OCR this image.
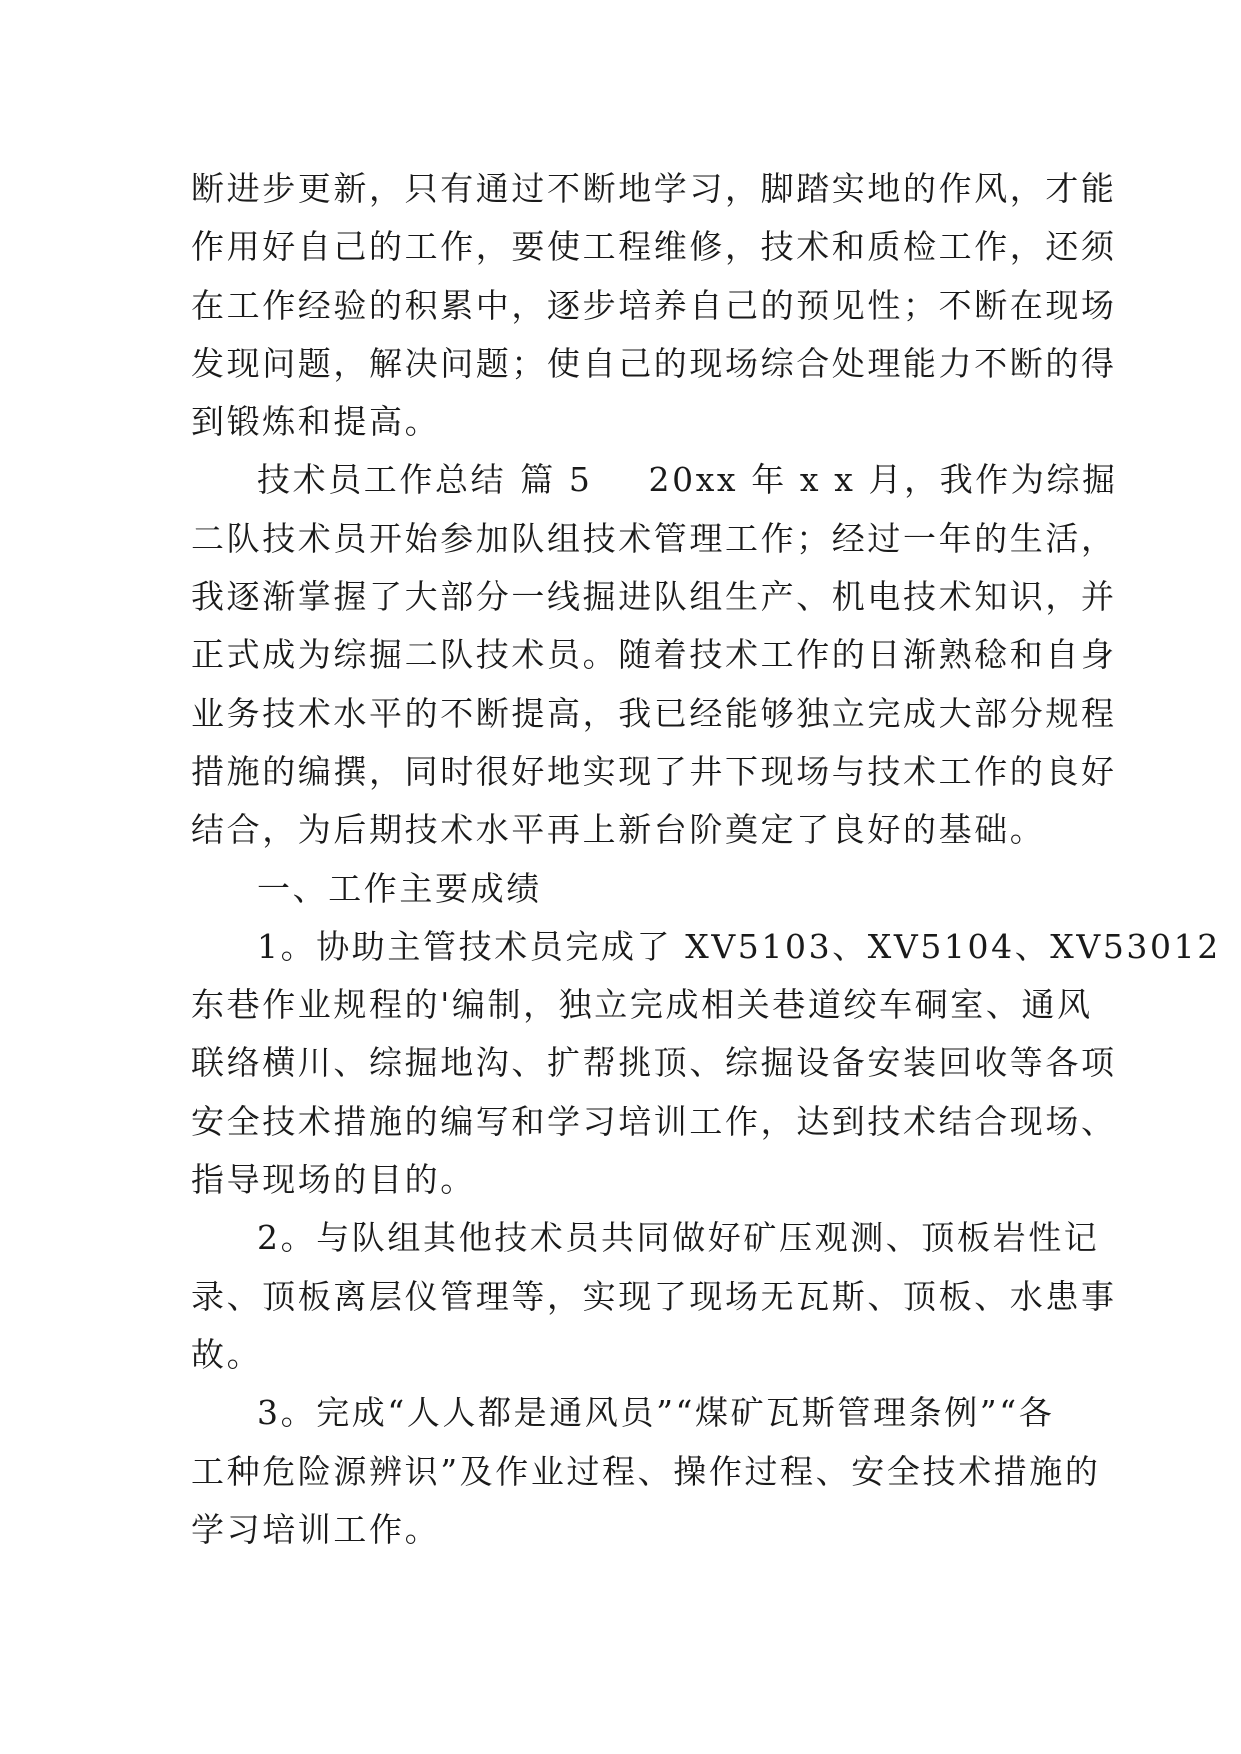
断进步更新，只有通过不断地学习，脚踏实地的作风，才能
作用好自己的工作，要使工程维修，技术和质检工作，还须
在工作经验的积累中，逐步培养自己的预见性；不断在现场
发现问题，解决问题；使自己的现场综合处理能力不断的得
到锻炼和提高。
技术员工作总结 篇 5 20xx 年 x x 月，我作为综掘
二队技术员开始参加队组技术管理工作；经过一年的生活，
我逐渐掌握了大部分一线掘进队组生产、机电技术知识，并
正式成为综掘二队技术员。随着技术工作的日渐熟稔和自身
业务技术水平的不断提高，我已经能够独立完成大部分规程
措施的编撰，同时很好地实现了井下现场与技术工作的良好
结合，为后期技术水平再上新台阶奠定了良好的基础。
一、工作主要成绩
1。协助主管技术员完成了 XV5103、XV5104、XV53012
东巷作业规程的'编制，独立完成相关巷道绞车硐室、通风
联络横川、综掘地沟、扩帮挑顶、综掘设备安装回收等各项
安全技术措施的编写和学习培训工作，达到技术结合现场、
指导现场的目的。
2。与队组其他技术员共同做好矿压观测、顶板岩性记
录、顶板离层仪管理等，实现了现场无瓦斯、顶板、水患事
故。
3。完成“人人都是通风员”“煤矿瓦斯管理条例”“各
工种危险源辨识”及作业过程、操作过程、安全技术措施的
学习培训工作。
